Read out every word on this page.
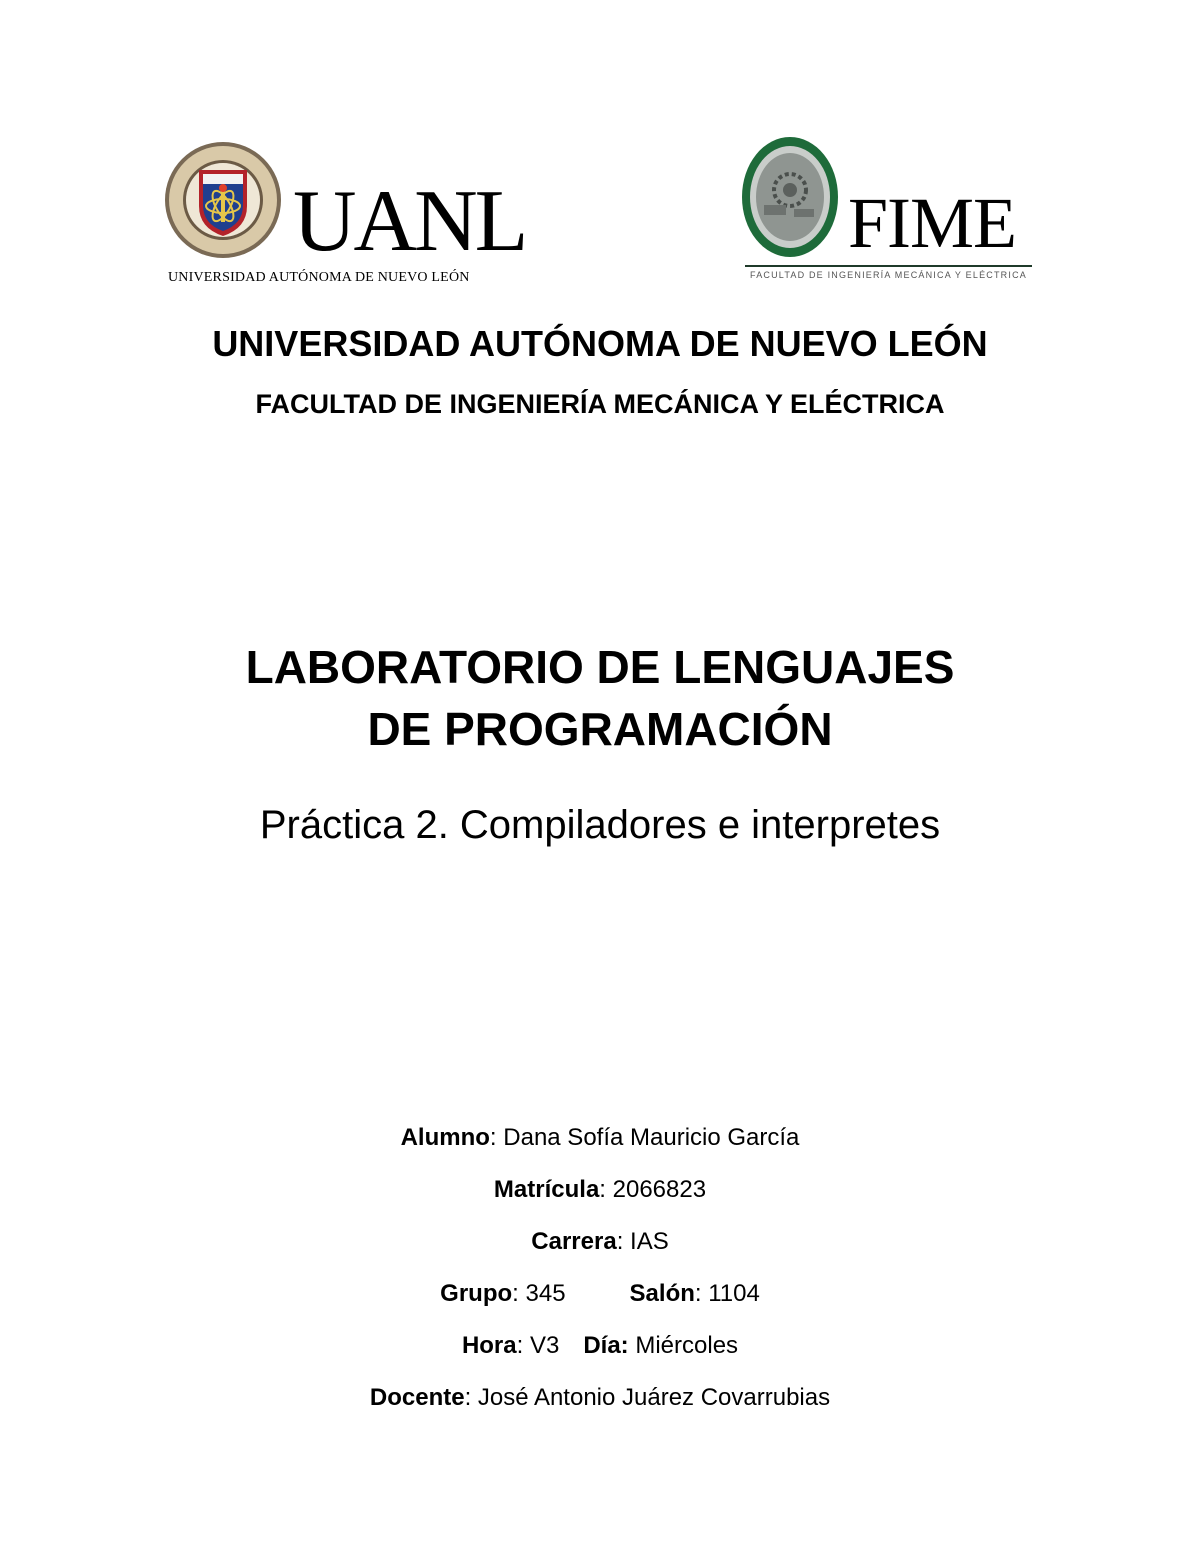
UANL
UNIVERSIDAD AUTÓNOMA DE NUEVO LEÓN
FIME
FACULTAD DE INGENIERÍA MECÁNICA Y ELÉCTRICA
UNIVERSIDAD AUTÓNOMA DE NUEVO LEÓN
FACULTAD DE INGENIERÍA MECÁNICA Y ELÉCTRICA
LABORATORIO DE LENGUAJES
DE PROGRAMACIÓN
Práctica 2. Compiladores e interpretes
Alumno: Dana Sofía Mauricio García
Matrícula: 2066823
Carrera: IAS
Grupo: 345	Salón: 1104
Hora: V3 Día: Miércoles
Docente: José Antonio Juárez Covarrubias
